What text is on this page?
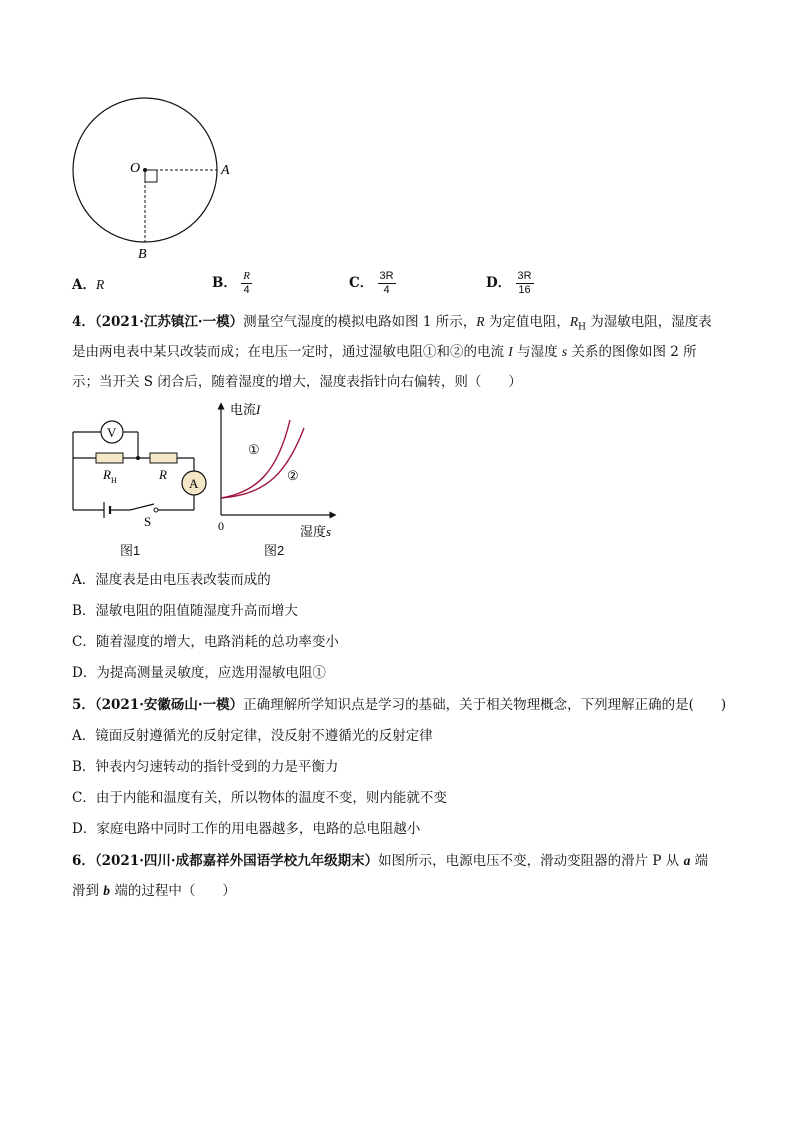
O	A
B
A．R	B． $\frac{R}{4}$	C． $\frac{3R}{4}$	D． $\frac{3R}{16}$
4．（2021·江苏镇江·一模）测量空气湿度的模拟电路如图 1 所示，R 为定值电阻，$R_H$ 为湿敏电阻，湿度表
是由两电表中某只改装而成；在电压一定时，通过湿敏电阻①和②的电流 I 与湿度 s 关系的图像如图 2 所
示；当开关 S 闭合后，随着湿度的增大，湿度表指针向右偏转，则（　　）
V
A
$R_H$	R
S
图1
电流I
①
②
0	湿度s
图2
A．湿度表是由电压表改装而成的
B．湿敏电阻的阻值随湿度升高而增大
C．随着湿度的增大，电路消耗的总功率变小
D．为提高测量灵敏度，应选用湿敏电阻①
5．（2021·安徽砀山·一模）正确理解所学知识点是学习的基础，关于相关物理概念，下列理解正确的是(　　)
A．镜面反射遵循光的反射定律，没反射不遵循光的反射定律
B．钟表内匀速转动的指针受到的力是平衡力
C．由于内能和温度有关，所以物体的温度不变，则内能就不变
D．家庭电路中同时工作的用电器越多，电路的总电阻越小
6．（2021·四川·成都嘉祥外国语学校九年级期末）如图所示，电源电压不变，滑动变阻器的滑片 P 从 a 端
滑到 b 端的过程中（　　）
